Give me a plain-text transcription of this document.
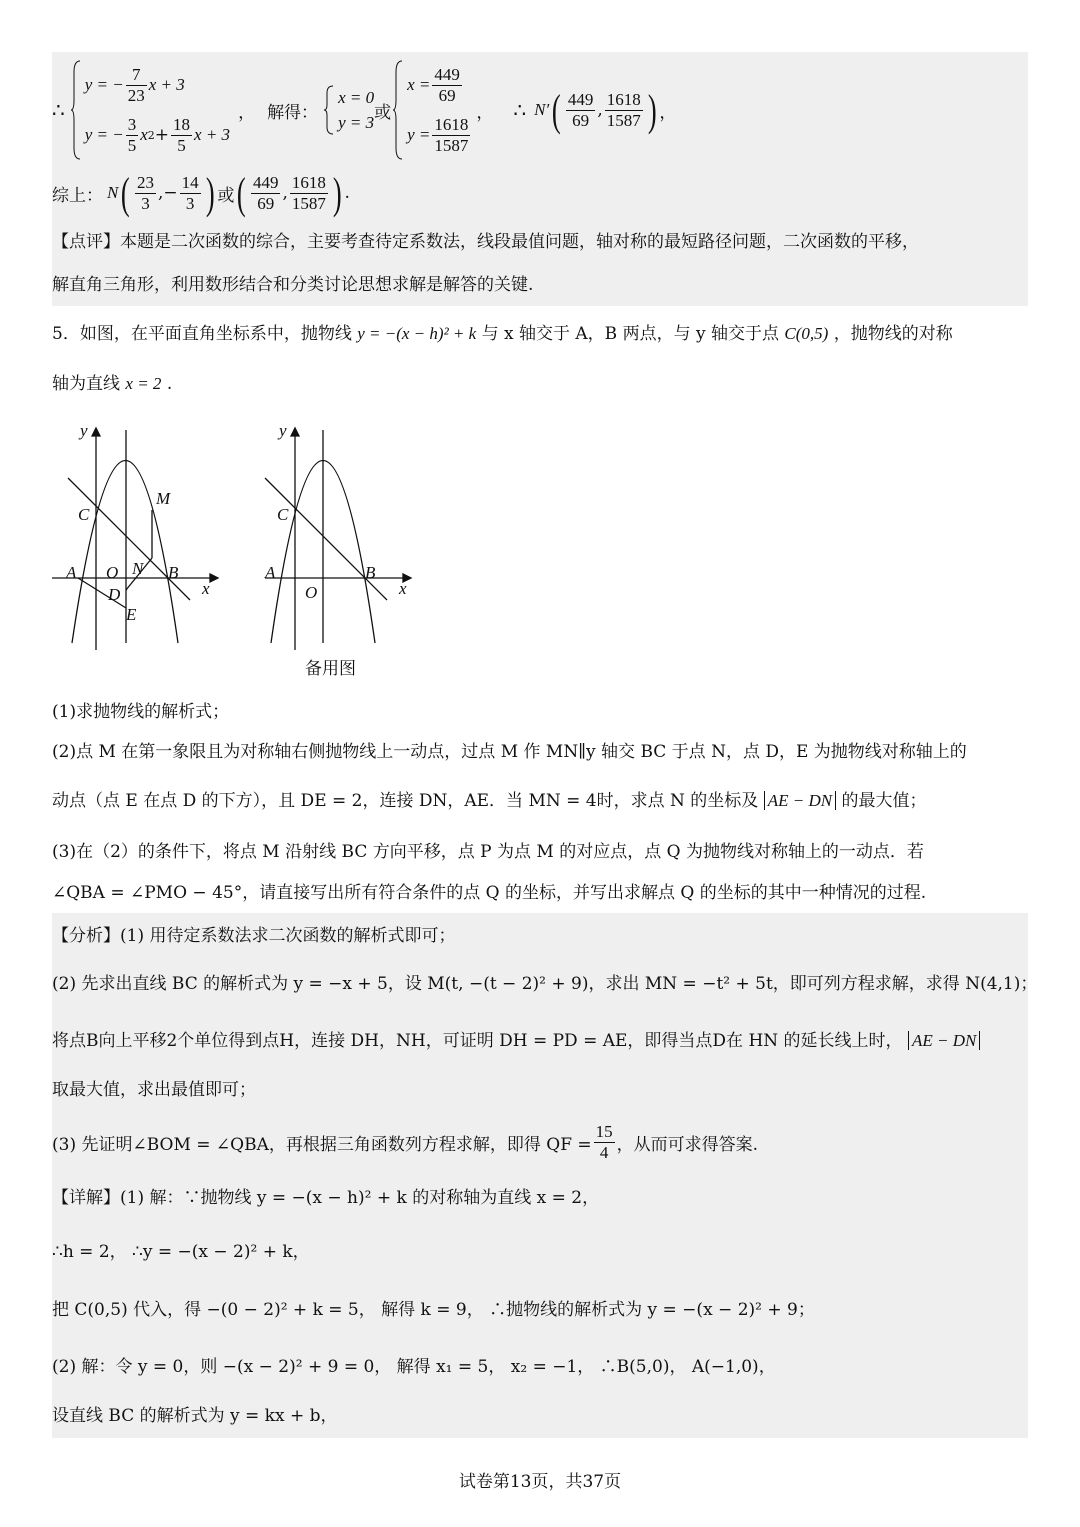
∴
y = − $\frac{7}{23}$ x + 3
y = − $\frac{3}{5}$ x $2 + \frac{18}{5}$ x + 3
， 解得：
x = 0
y = 3 或
$x = \frac{449}{69}$
$y = \frac{1618}{1587}$
， ∴ N′ ( $\frac{449}{69}$ , $\frac{1618}{1587}$ ) ，
综上： N ( $\frac{23}{3}$ ,− $\frac{14}{3}$ ) 或 ( $\frac{449}{69}$ , $\frac{1618}{1587}$ ) .
【点评】本题是二次函数的综合，主要考查待定系数法，线段最值问题，轴对称的最短路径问题，二次函数的平移，
解直角三角形，利用数形结合和分类讨论思想求解是解答的关键.
5．如图，在平面直角坐标系中，抛物线 y = −(x − h)² + k 与 x 轴交于 A，B 两点，与 y 轴交于点 C(0,5) ，抛物线的对称
轴为直线 x = 2 .
y
M
C
A O N B
D	x
E
y
C
A	B
O	x
备用图
(1)求抛物线的解析式；
(2)点 M 在第一象限且为对称轴右侧抛物线上一动点，过点 M 作 MN∥y 轴交 BC 于点 N，点 D，E 为抛物线对称轴上的
动点（点 E 在点 D 的下方），且 DE = 2，连接 DN，AE．当 MN = 4时，求点 N 的坐标及 AE − DN 的最大值；
(3)在（2）的条件下，将点 M 沿射线 BC 方向平移，点 P 为点 M 的对应点，点 Q 为抛物线对称轴上的一动点．若
∠QBA = ∠PMO − 45°，请直接写出所有符合条件的点 Q 的坐标，并写出求解点 Q 的坐标的其中一种情况的过程.
【分析】(1) 用待定系数法求二次函数的解析式即可；
(2) 先求出直线 BC 的解析式为 y = −x + 5，设 M(t, −(t − 2)² + 9)，求出 MN = −t² + 5t，即可列方程求解，求得 N(4,1)；
将点B向上平移2个单位得到点H，连接 DH，NH，可证明 DH = PD = AE，即得当点D在 HN 的延长线上时， AE − DN
取最大值，求出最值即可；
(3) 先证明∠BOM = ∠QBA，再根据三角函数列方程求解，即得 QF = $\frac{15}{4}$ ，从而可求得答案.
【详解】(1) 解：∵抛物线 y = −(x − h)² + k 的对称轴为直线 x = 2，
∴h = 2， ∴y = −(x − 2)² + k，
把 C(0,5) 代入，得 −(0 − 2)² + k = 5， 解得 k = 9， ∴抛物线的解析式为 y = −(x − 2)² + 9；
(2) 解：令 y = 0，则 −(x − 2)² + 9 = 0， 解得 x₁ = 5， x₂ = −1， ∴B(5,0)， A(−1,0)，
设直线 BC 的解析式为 y = kx + b，
试卷第13页，共37页
